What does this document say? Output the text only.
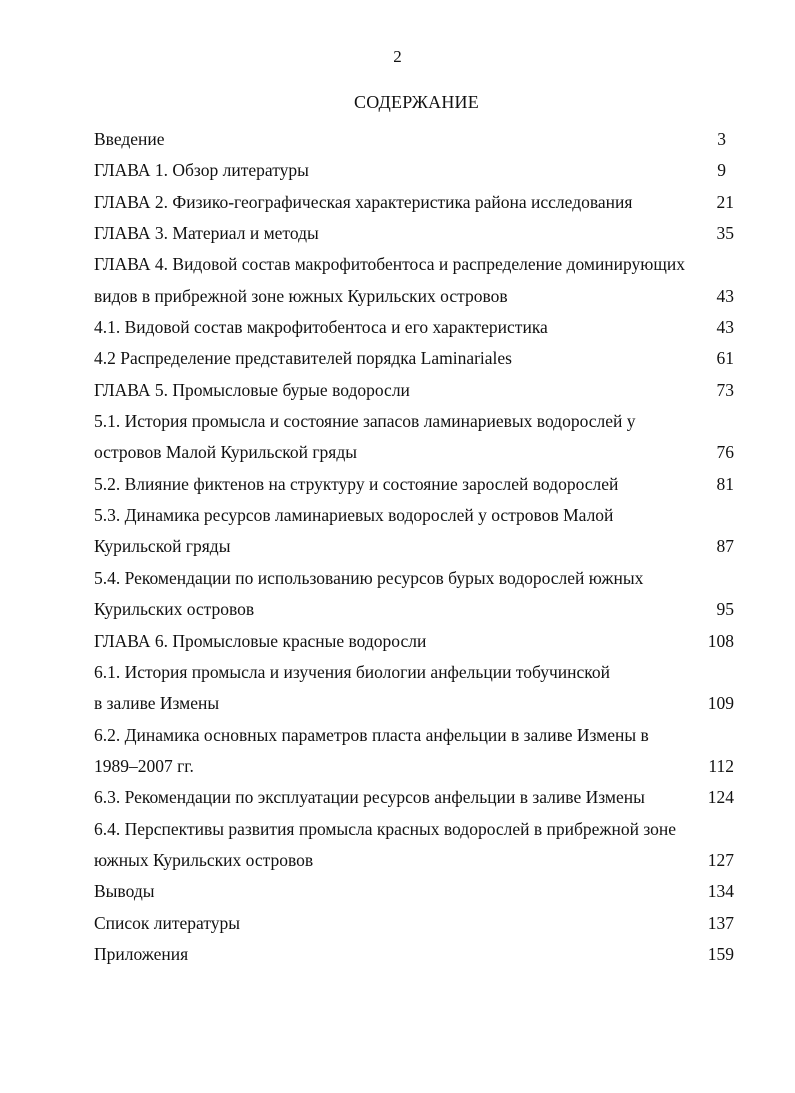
2
СОДЕРЖАНИЕ
Введение	3
ГЛАВА 1. Обзор литературы	9
ГЛАВА 2. Физико-географическая характеристика района исследования	21
ГЛАВА 3. Материал и методы	35
ГЛАВА 4. Видовой состав макрофитобентоса и распределение доминирующих
видов в прибрежной зоне южных Курильских островов	43
4.1. Видовой состав макрофитобентоса и его характеристика	43
4.2 Распределение представителей порядка Laminariales	61
ГЛАВА 5. Промысловые бурые водоросли	73
5.1. История промысла и состояние запасов ламинариевых водорослей у
островов Малой Курильской гряды	76
5.2. Влияние фиктенов на структуру и состояние зарослей водорослей	81
5.3. Динамика ресурсов ламинариевых водорослей у островов Малой
Курильской гряды	87
5.4. Рекомендации по использованию ресурсов бурых водорослей южных
Курильских островов	95
ГЛАВА 6. Промысловые красные водоросли	108
6.1. История промысла и изучения биологии анфельции тобучинской
в заливе Измены	109
6.2. Динамика основных параметров пласта анфельции в заливе Измены в
1989–2007 гг.	112
6.3. Рекомендации по эксплуатации ресурсов анфельции в заливе Измены	124
6.4. Перспективы развития промысла красных водорослей в прибрежной зоне
южных Курильских островов	127
Выводы	134
Список литературы	137
Приложения	159
